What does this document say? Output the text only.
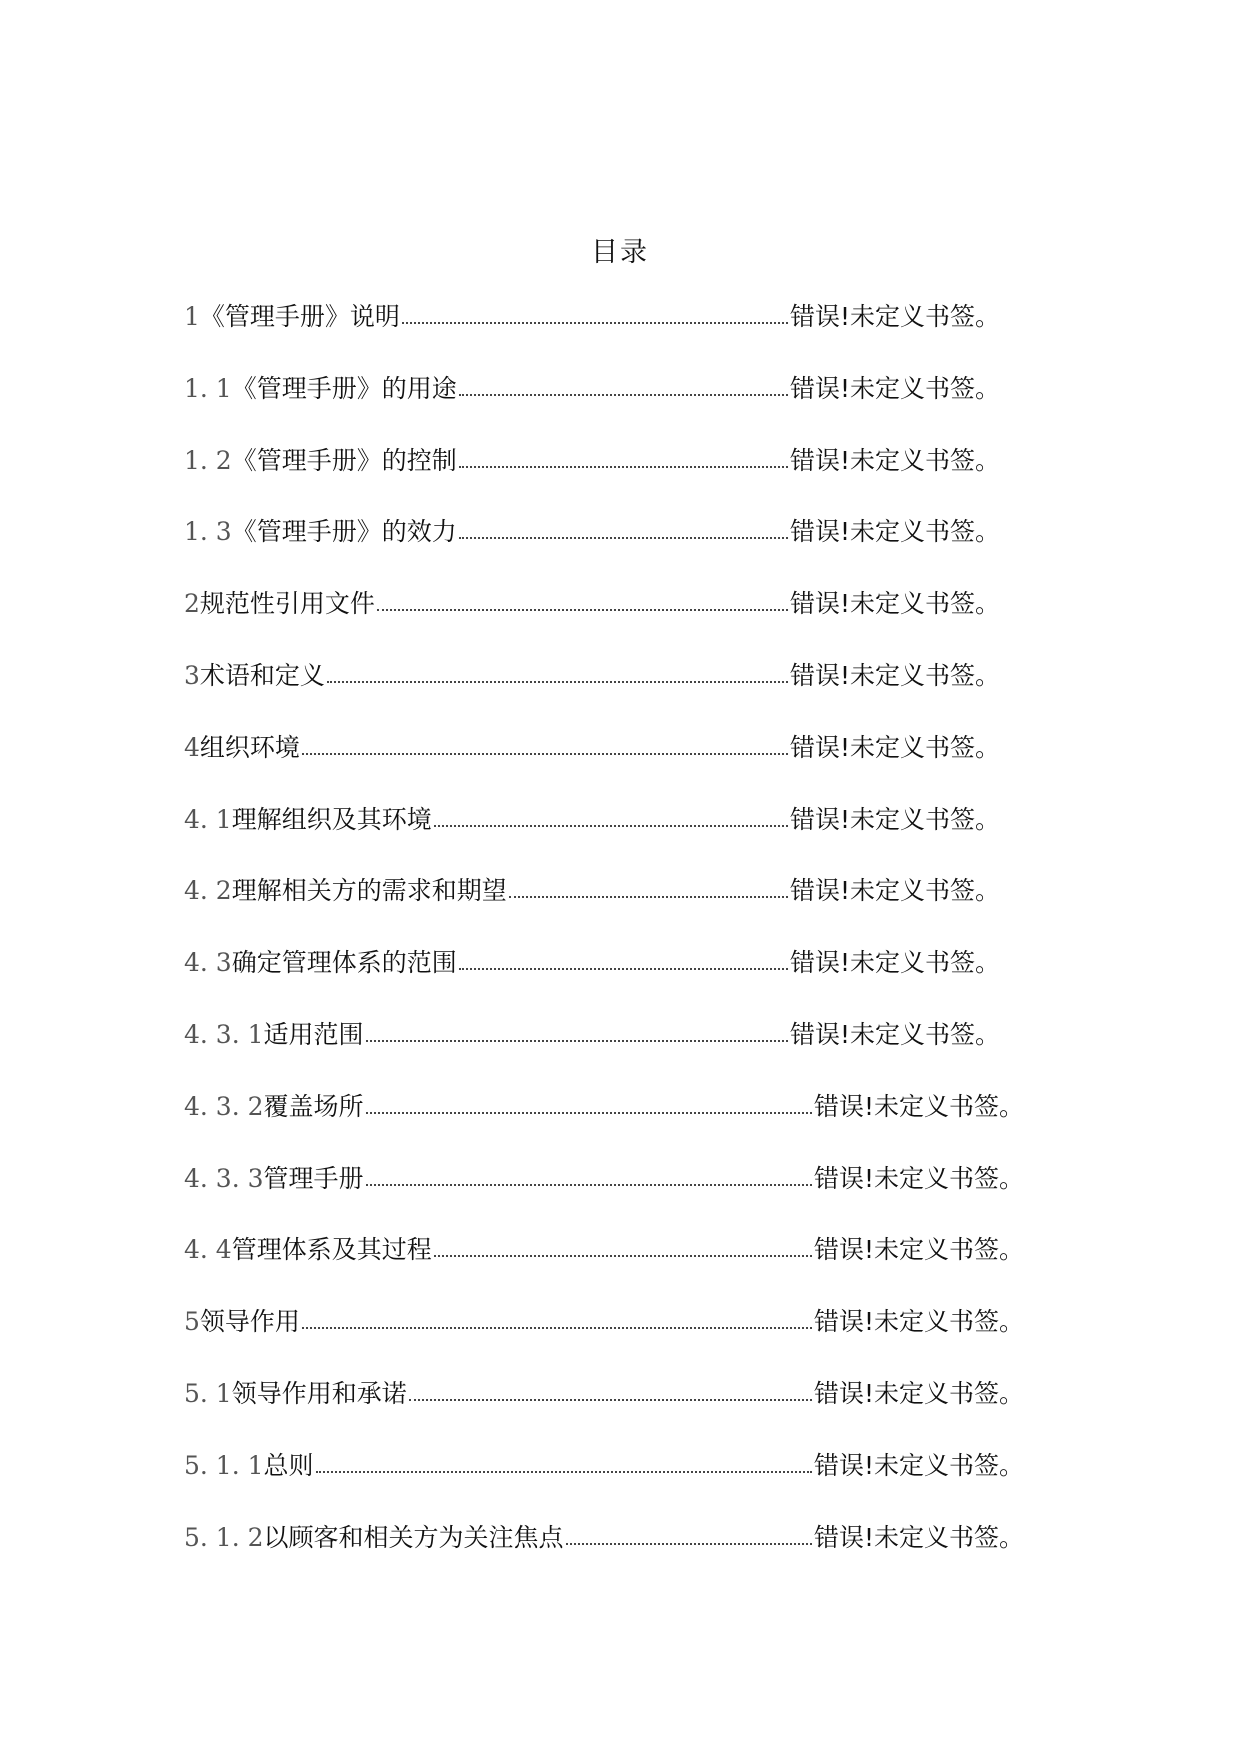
目录
1 《管理手册》说明	错误!未定义书签。
1. 1 《管理手册》的用途	错误!未定义书签。
1. 2 《管理手册》的控制	错误!未定义书签。
1. 3 《管理手册》的效力	错误!未定义书签。
2 规范性引用文件	错误!未定义书签。
3 术语和定义	错误!未定义书签。
4 组织环境	错误!未定义书签。
4. 1 理解组织及其环境	错误!未定义书签。
4. 2 理解相关方的需求和期望	错误!未定义书签。
4. 3 确定管理体系的范围	错误!未定义书签。
4. 3. 1 适用范围	错误!未定义书签。
4. 3. 2 覆盖场所	错误!未定义书签。
4. 3. 3 管理手册	错误!未定义书签。
4. 4 管理体系及其过程	错误!未定义书签。
5 领导作用	错误!未定义书签。
5. 1 领导作用和承诺	错误!未定义书签。
5. 1. 1 总则	错误!未定义书签。
5. 1. 2 以顾客和相关方为关注焦点	错误!未定义书签。
